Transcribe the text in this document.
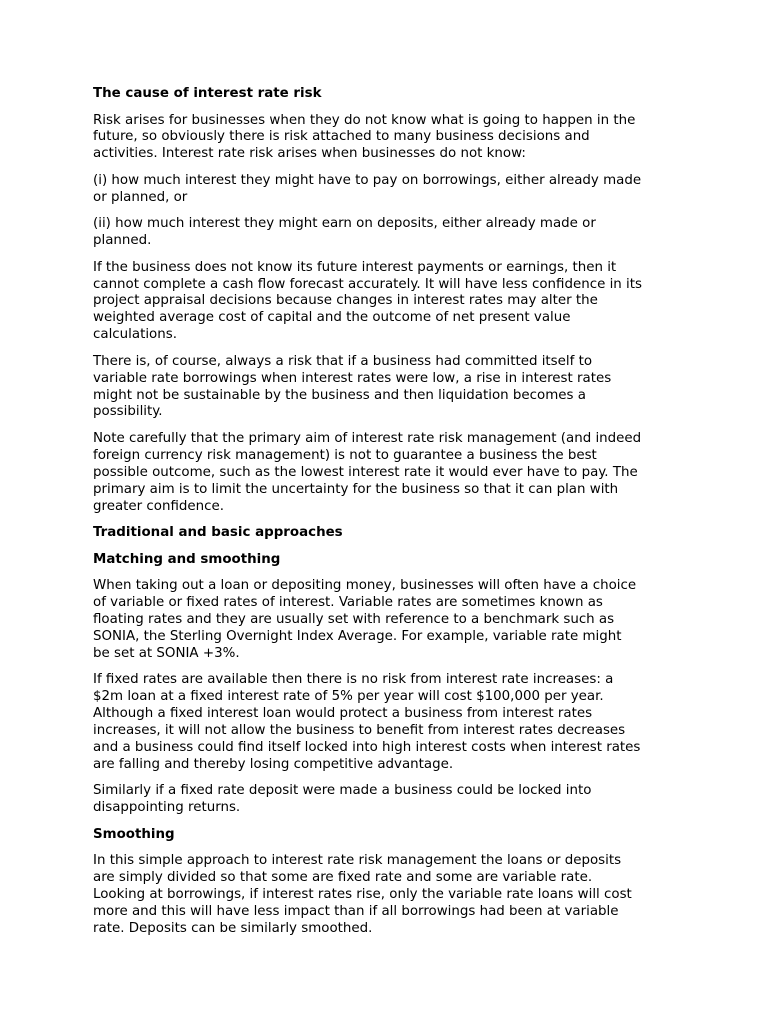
The cause of interest rate risk
Risk arises for businesses when they do not know what is going to happen in the
future, so obviously there is risk attached to many business decisions and
activities. Interest rate risk arises when businesses do not know:
(i) how much interest they might have to pay on borrowings, either already made
or planned, or
(ii) how much interest they might earn on deposits, either already made or
planned.
If the business does not know its future interest payments or earnings, then it
cannot complete a cash flow forecast accurately. It will have less confidence in its
project appraisal decisions because changes in interest rates may alter the
weighted average cost of capital and the outcome of net present value
calculations.
There is, of course, always a risk that if a business had committed itself to
variable rate borrowings when interest rates were low, a rise in interest rates
might not be sustainable by the business and then liquidation becomes a
possibility.
Note carefully that the primary aim of interest rate risk management (and indeed
foreign currency risk management) is not to guarantee a business the best
possible outcome, such as the lowest interest rate it would ever have to pay. The
primary aim is to limit the uncertainty for the business so that it can plan with
greater confidence.
Traditional and basic approaches
Matching and smoothing
When taking out a loan or depositing money, businesses will often have a choice
of variable or fixed rates of interest. Variable rates are sometimes known as
floating rates and they are usually set with reference to a benchmark such as
SONIA, the Sterling Overnight Index Average. For example, variable rate might
be set at SONIA +3%.
If fixed rates are available then there is no risk from interest rate increases: a
$2m loan at a fixed interest rate of 5% per year will cost $100,000 per year.
Although a fixed interest loan would protect a business from interest rates
increases, it will not allow the business to benefit from interest rates decreases
and a business could find itself locked into high interest costs when interest rates
are falling and thereby losing competitive advantage.
Similarly if a fixed rate deposit were made a business could be locked into
disappointing returns.
Smoothing
In this simple approach to interest rate risk management the loans or deposits
are simply divided so that some are fixed rate and some are variable rate.
Looking at borrowings, if interest rates rise, only the variable rate loans will cost
more and this will have less impact than if all borrowings had been at variable
rate. Deposits can be similarly smoothed.
